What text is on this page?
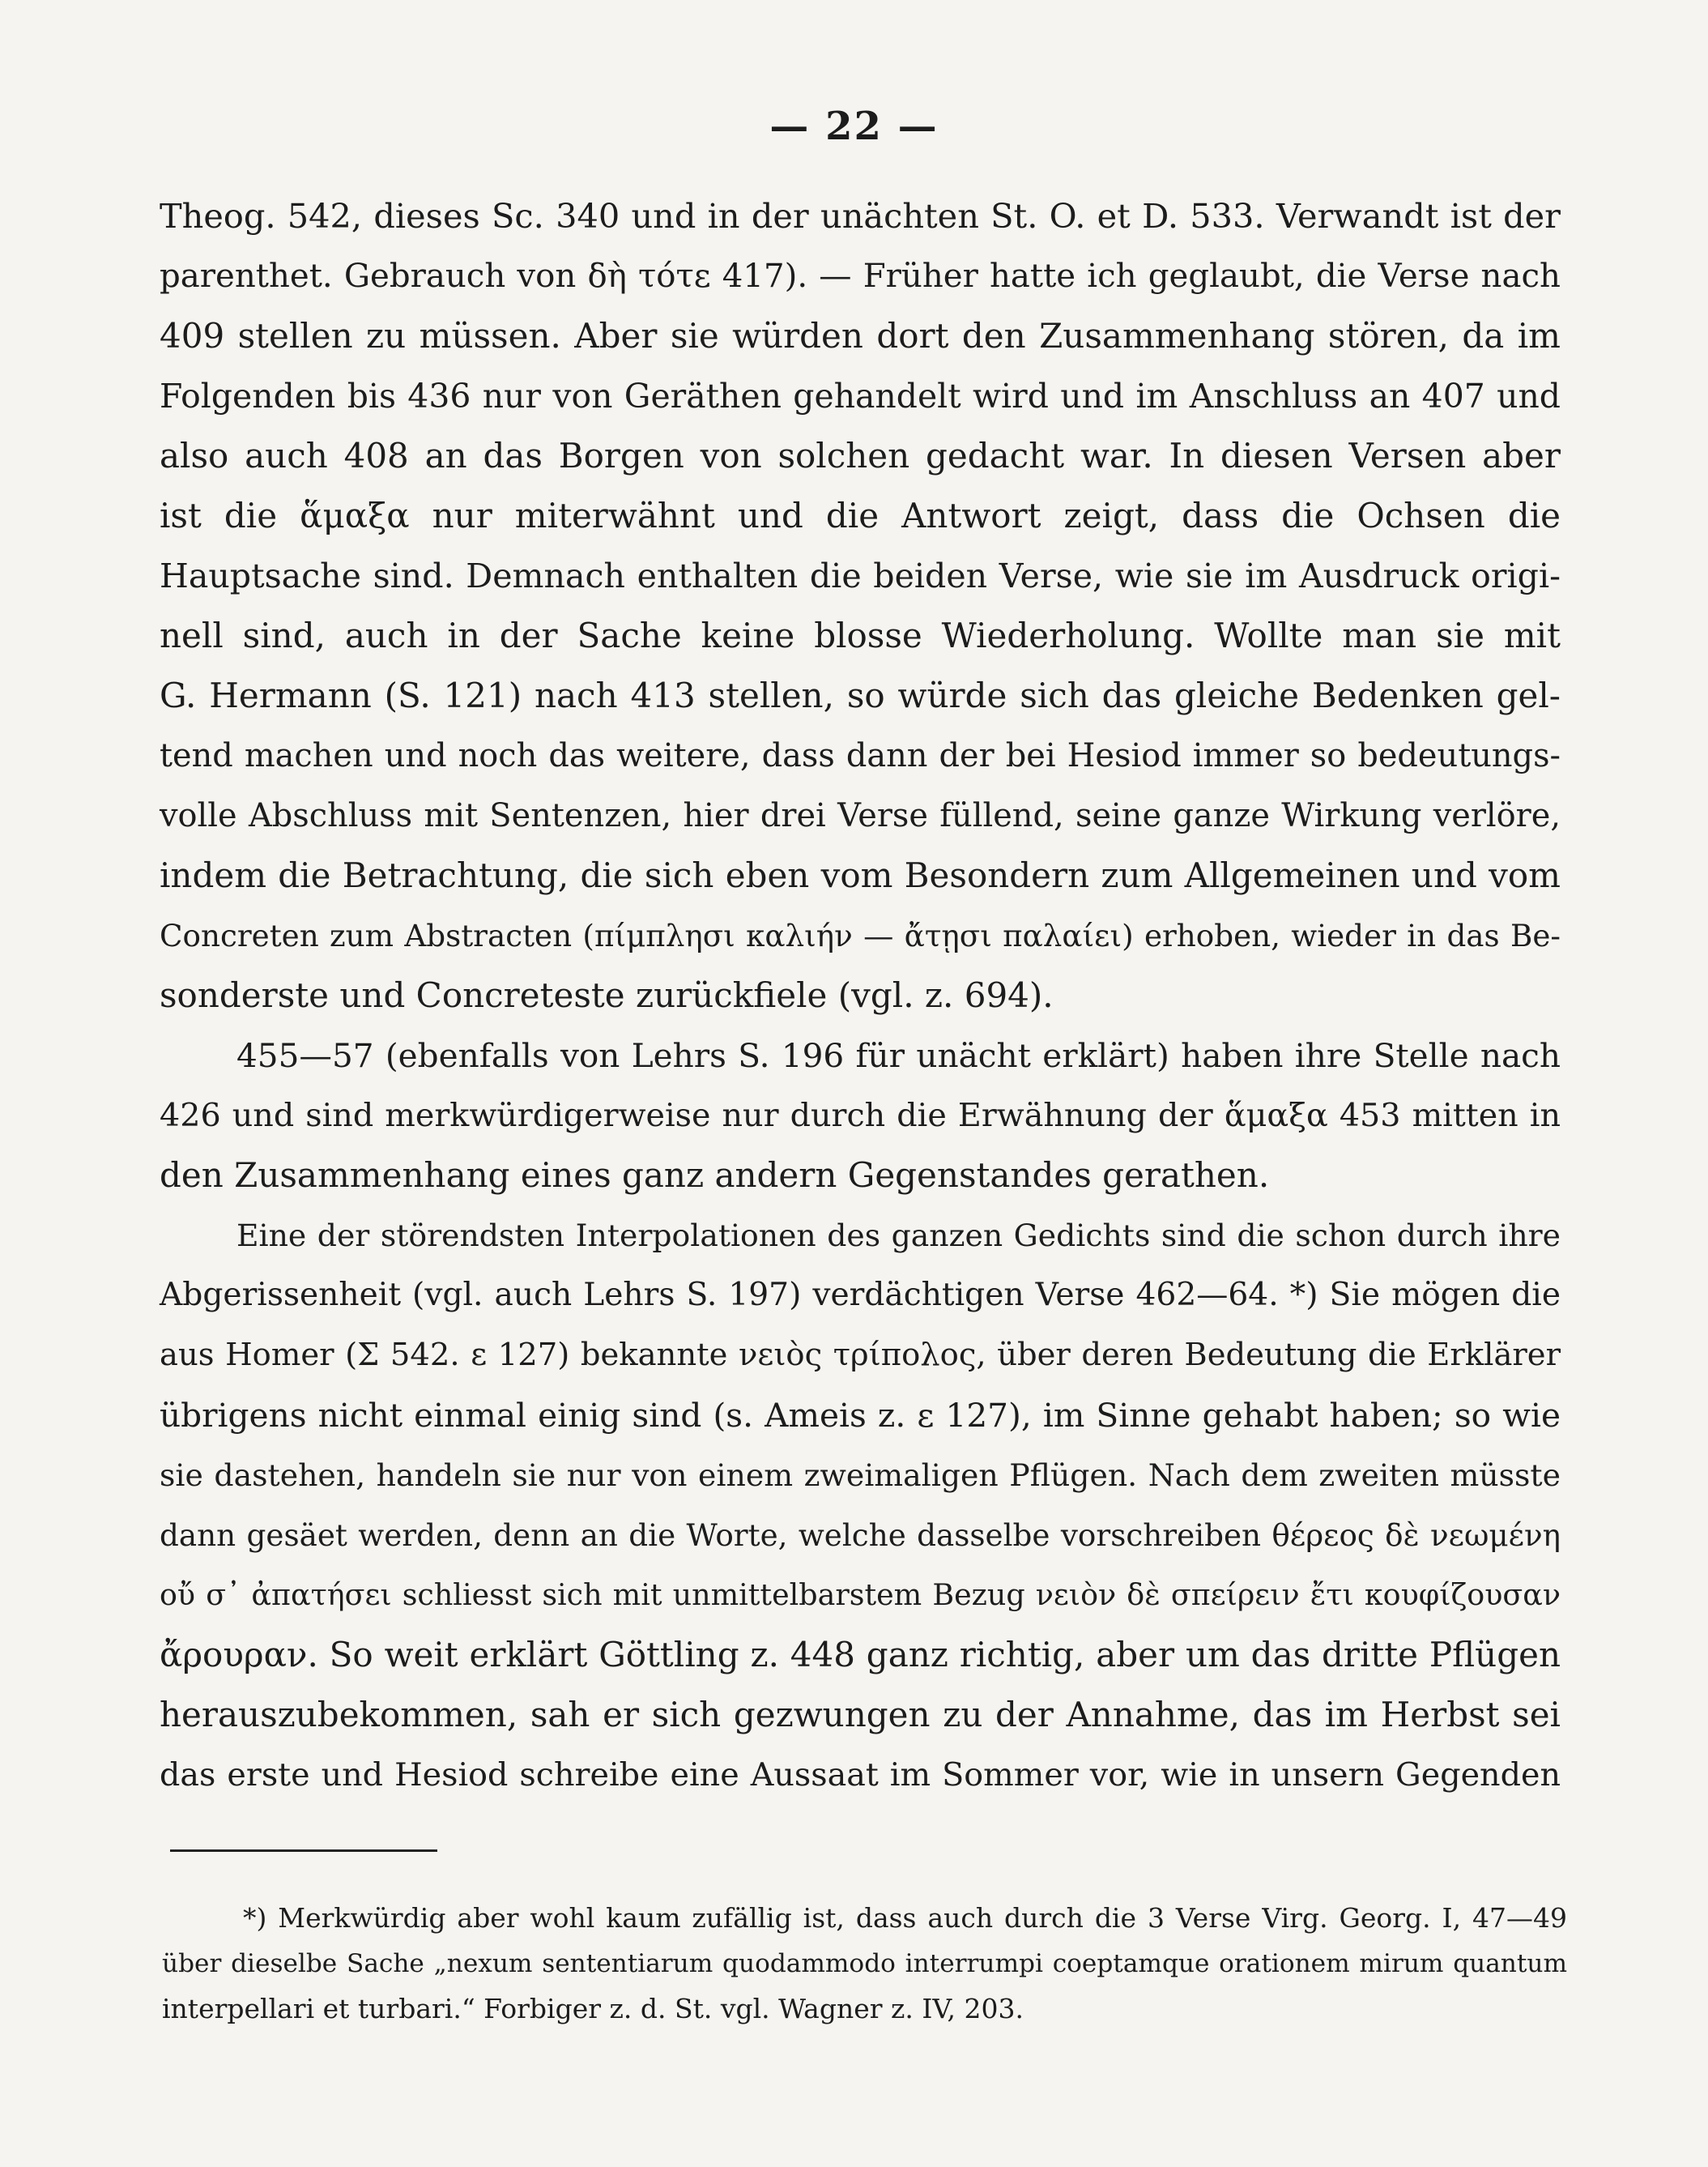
— 22 —
Theog. 542, dieses Sc. 340 und in der unächten St. O. et D. 533. Verwandt ist der
parenthet. Gebrauch von δὴ τότε 417). — Früher hatte ich geglaubt, die Verse nach
409 stellen zu müssen. Aber sie würden dort den Zusammenhang stören, da im
Folgenden bis 436 nur von Geräthen gehandelt wird und im Anschluss an 407 und
also auch 408 an das Borgen von solchen gedacht war. In diesen Versen aber
ist die ἅμαξα nur miterwähnt und die Antwort zeigt, dass die Ochsen die
Hauptsache sind. Demnach enthalten die beiden Verse, wie sie im Ausdruck origi-
nell sind, auch in der Sache keine blosse Wiederholung. Wollte man sie mit
G. Hermann (S. 121) nach 413 stellen, so würde sich das gleiche Bedenken gel-
tend machen und noch das weitere, dass dann der bei Hesiod immer so bedeutungs-
volle Abschluss mit Sentenzen, hier drei Verse füllend, seine ganze Wirkung verlöre,
indem die Betrachtung, die sich eben vom Besondern zum Allgemeinen und vom
Concreten zum Abstracten (πίμπλησι καλιήν — ἄτῃσι παλαίει) erhoben, wieder in das Be-
sonderste und Concreteste zurückfiele (vgl. z. 694).
455—57 (ebenfalls von Lehrs S. 196 für unächt erklärt) haben ihre Stelle nach
426 und sind merkwürdigerweise nur durch die Erwähnung der ἅμαξα 453 mitten in
den Zusammenhang eines ganz andern Gegenstandes gerathen.
Eine der störendsten Interpolationen des ganzen Gedichts sind die schon durch ihre
Abgerissenheit (vgl. auch Lehrs S. 197) verdächtigen Verse 462—64. *) Sie mögen die
aus Homer (Σ 542. ε 127) bekannte νειὸς τρίπολος, über deren Bedeutung die Erklärer
übrigens nicht einmal einig sind (s. Ameis z. ε 127), im Sinne gehabt haben; so wie
sie dastehen, handeln sie nur von einem zweimaligen Pflügen. Nach dem zweiten müsste
dann gesäet werden, denn an die Worte, welche dasselbe vorschreiben θέρεος δὲ νεωμένη
οὔ σ᾽ ἀπατήσει schliesst sich mit unmittelbarstem Bezug νειὸν δὲ σπείρειν ἔτι κουφίζουσαν
ἄρουραν. So weit erklärt Göttling z. 448 ganz richtig, aber um das dritte Pflügen
herauszubekommen, sah er sich gezwungen zu der Annahme, das im Herbst sei
das erste und Hesiod schreibe eine Aussaat im Sommer vor, wie in unsern Gegenden
*) Merkwürdig aber wohl kaum zufällig ist, dass auch durch die 3 Verse Virg. Georg. I, 47—49
über dieselbe Sache „nexum sententiarum quodammodo interrumpi coeptamque orationem mirum quantum
interpellari et turbari.“ Forbiger z. d. St. vgl. Wagner z. IV, 203.
